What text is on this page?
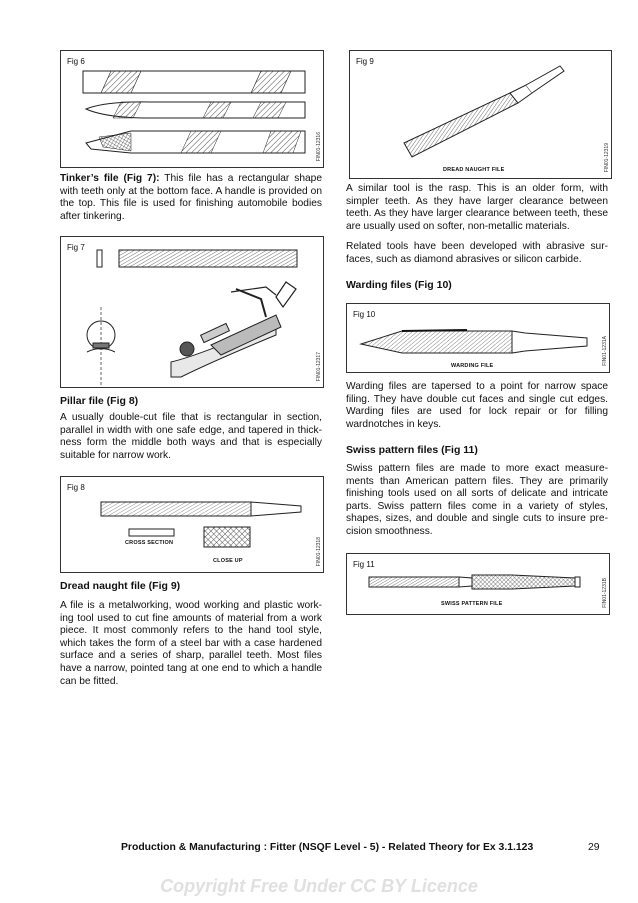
Fig 6
FIN01-12316
Tinker’s file (Fig 7): This file has a rectangular shape with teeth only at the bottom face. A handle is provided on the top. This file is used for finishing automobile bodies after tinkering.
Fig 7
FIN01-12317
Pillar file (Fig 8)
A usually double-cut file that is rectangular in section, parallel in width with one safe edge, and tapered in thick-ness form the middle both ways and that is especially suitable for narrow work.
Fig 8
FIN01-12318
CROSS SECTION
CLOSE UP
Dread naught file (Fig 9)
A file is a metalworking, wood working and plastic work-ing tool used to cut fine amounts of material from a work piece. It most commonly refers to the hand tool style, which takes the form of a steel bar with a case hardened surface and a series of sharp, parallel teeth. Most files have a narrow, pointed tang at one end to which a handle can be fitted.
Fig 9
FIN01-12319
DREAD NAUGHT FILE
A similar tool is the rasp. This is an older form, with simpler teeth. As they have larger clearance between teeth. As they have larger clearance between teeth, these are usually used on softer, non-metallic materials.
Related tools have been developed with abrasive sur-faces, such as diamond abrasives or silicon carbide.
Warding files (Fig 10)
Fig 10
FIN01-1231A
WARDING FILE
Warding files are tapersed to a point for narrow space filing. They have double cut faces and single cut edges. Warding files are used for lock repair or for filling wardnotches in keys.
Swiss pattern files (Fig 11)
Swiss pattern files are made to more exact measure-ments than American pattern files. They are primarily finishing tools used on all sorts of delicate and intricate parts. Swiss pattern files come in a variety of styles, shapes, sizes, and double and single cuts to insure pre-cision smoothness.
Fig 11
FIN01-1231B
SWISS PATTERN FILE
Production & Manufacturing : Fitter (NSQF Level - 5) - Related Theory for Ex 3.1.123	29
Copyright Free Under CC BY Licence
